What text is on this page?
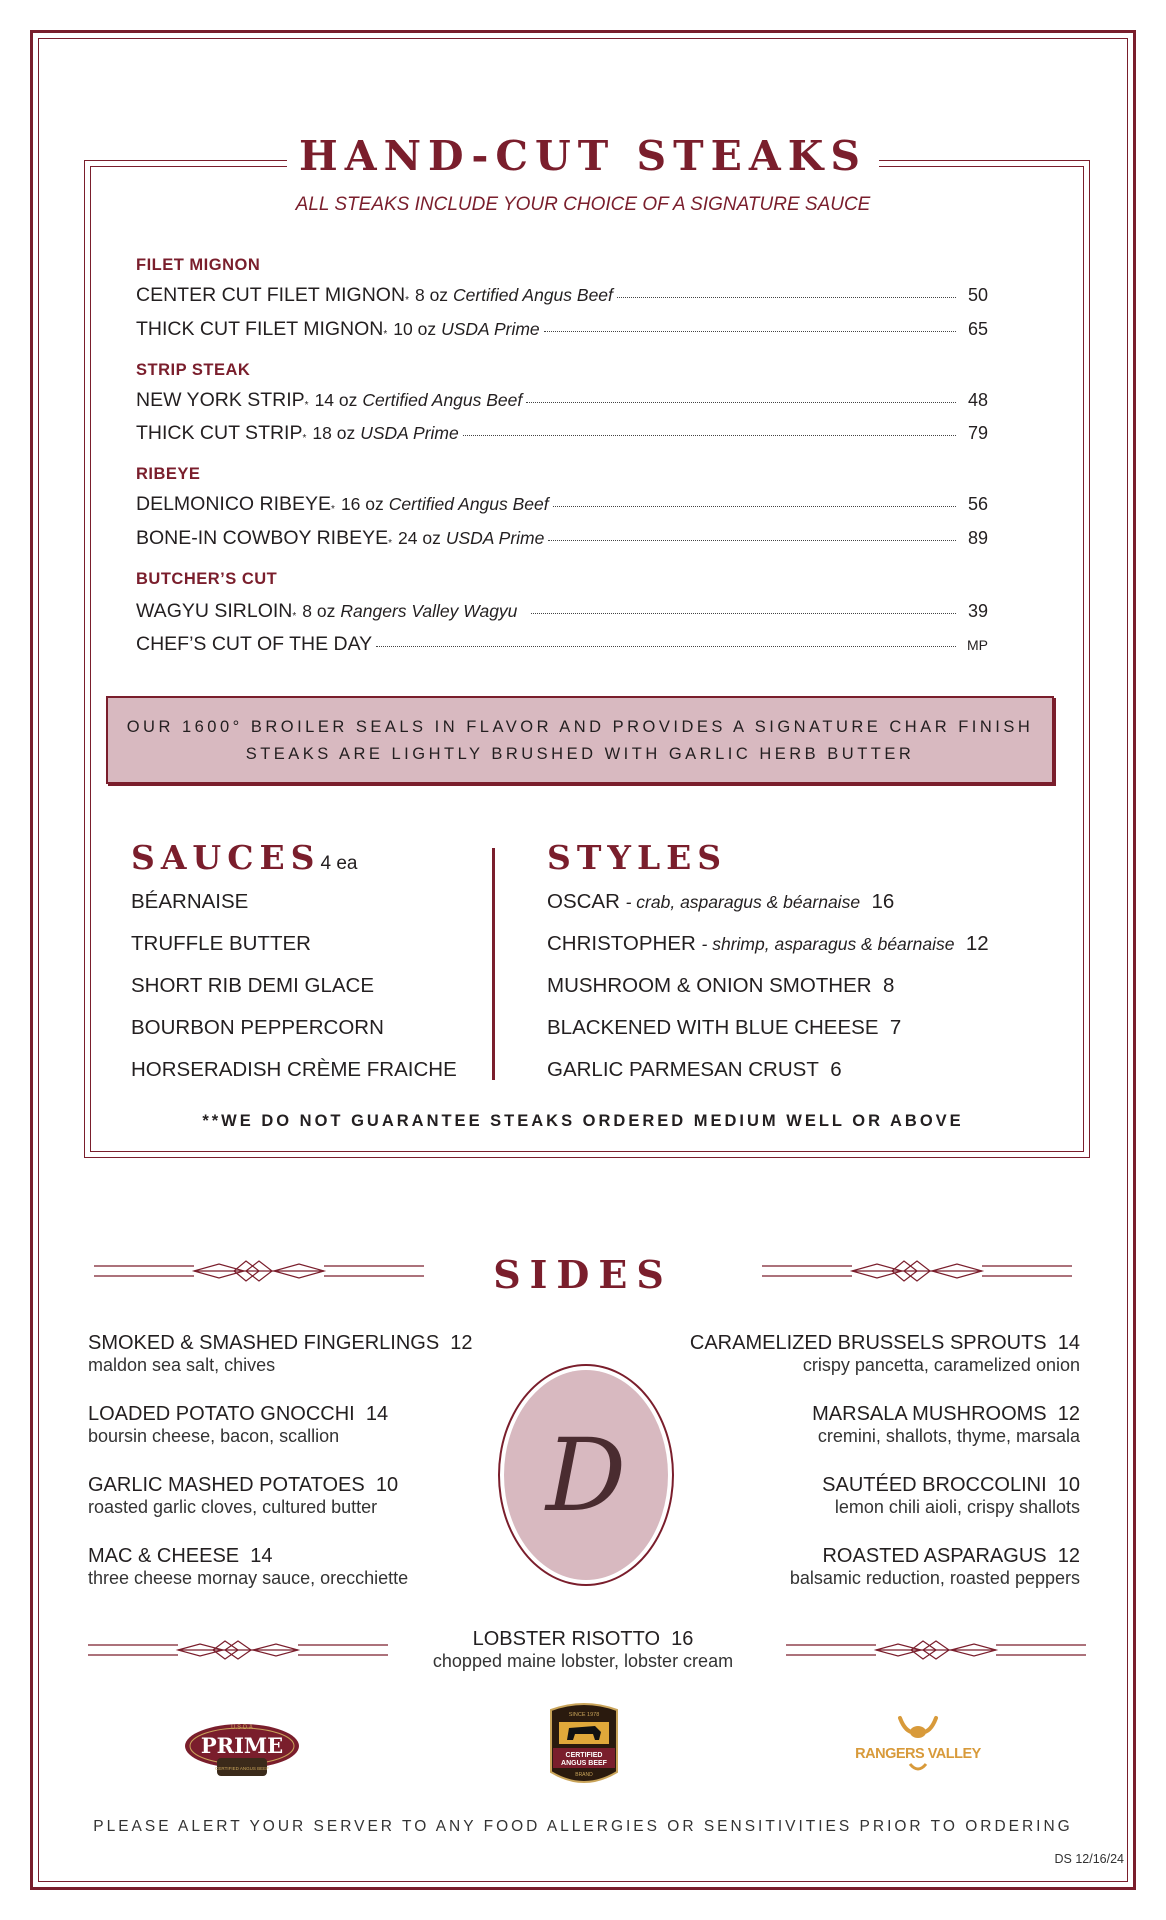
HAND-CUT STEAKS
ALL STEAKS INCLUDE YOUR CHOICE OF A SIGNATURE SAUCE
FILET MIGNON
CENTER CUT FILET MIGNON* 8 oz Certified Angus Beef	50
THICK CUT FILET MIGNON* 10 oz USDA Prime	65
STRIP STEAK
NEW YORK STRIP* 14 oz Certified Angus Beef	48
THICK CUT STRIP* 18 oz USDA Prime	79
RIBEYE
DELMONICO RIBEYE* 16 oz Certified Angus Beef	56
BONE-IN COWBOY RIBEYE* 24 oz USDA Prime	89
BUTCHER’S CUT
WAGYU SIRLOIN* 8 oz Rangers Valley Wagyu	39
CHEF’S CUT OF THE DAY	MP
OUR 1600° BROILER SEALS IN FLAVOR AND PROVIDES A SIGNATURE CHAR FINISH
STEAKS ARE LIGHTLY BRUSHED WITH GARLIC HERB BUTTER
SAUCES4 ea
BÉARNAISE
TRUFFLE BUTTER
SHORT RIB DEMI GLACE
BOURBON PEPPERCORN
HORSERADISH CRÈME FRAICHE
STYLES
OSCAR - crab, asparagus & béarnaise 16
CHRISTOPHER - shrimp, asparagus & béarnaise 12
MUSHROOM & ONION SMOTHER 8
BLACKENED WITH BLUE CHEESE 7
GARLIC PARMESAN CRUST 6
**WE DO NOT GUARANTEE STEAKS ORDERED MEDIUM WELL OR ABOVE
SIDES
SMOKED & SMASHED FINGERLINGS 12
maldon sea salt, chives
LOADED POTATO GNOCCHI 14
boursin cheese, bacon, scallion
GARLIC MASHED POTATOES 10
roasted garlic cloves, cultured butter
MAC & CHEESE 14
three cheese mornay sauce, orecchiette
CARAMELIZED BRUSSELS SPROUTS 14
crispy pancetta, caramelized onion
MARSALA MUSHROOMS 12
cremini, shallots, thyme, marsala
SAUTÉED BROCCOLINI 10
lemon chili aioli, crispy shallots
ROASTED ASPARAGUS 12
balsamic reduction, roasted peppers
D
LOBSTER RISOTTO 16
chopped maine lobster, lobster cream
U.S.D.A
PRIME
CERTIFIED ANGUS BEEF
SINCE 1978
CERTIFIED
ANGUS BEEF
BRAND
RANGERS VALLEY
PLEASE ALERT YOUR SERVER TO ANY FOOD ALLERGIES OR SENSITIVITIES PRIOR TO ORDERING
DS 12/16/24
